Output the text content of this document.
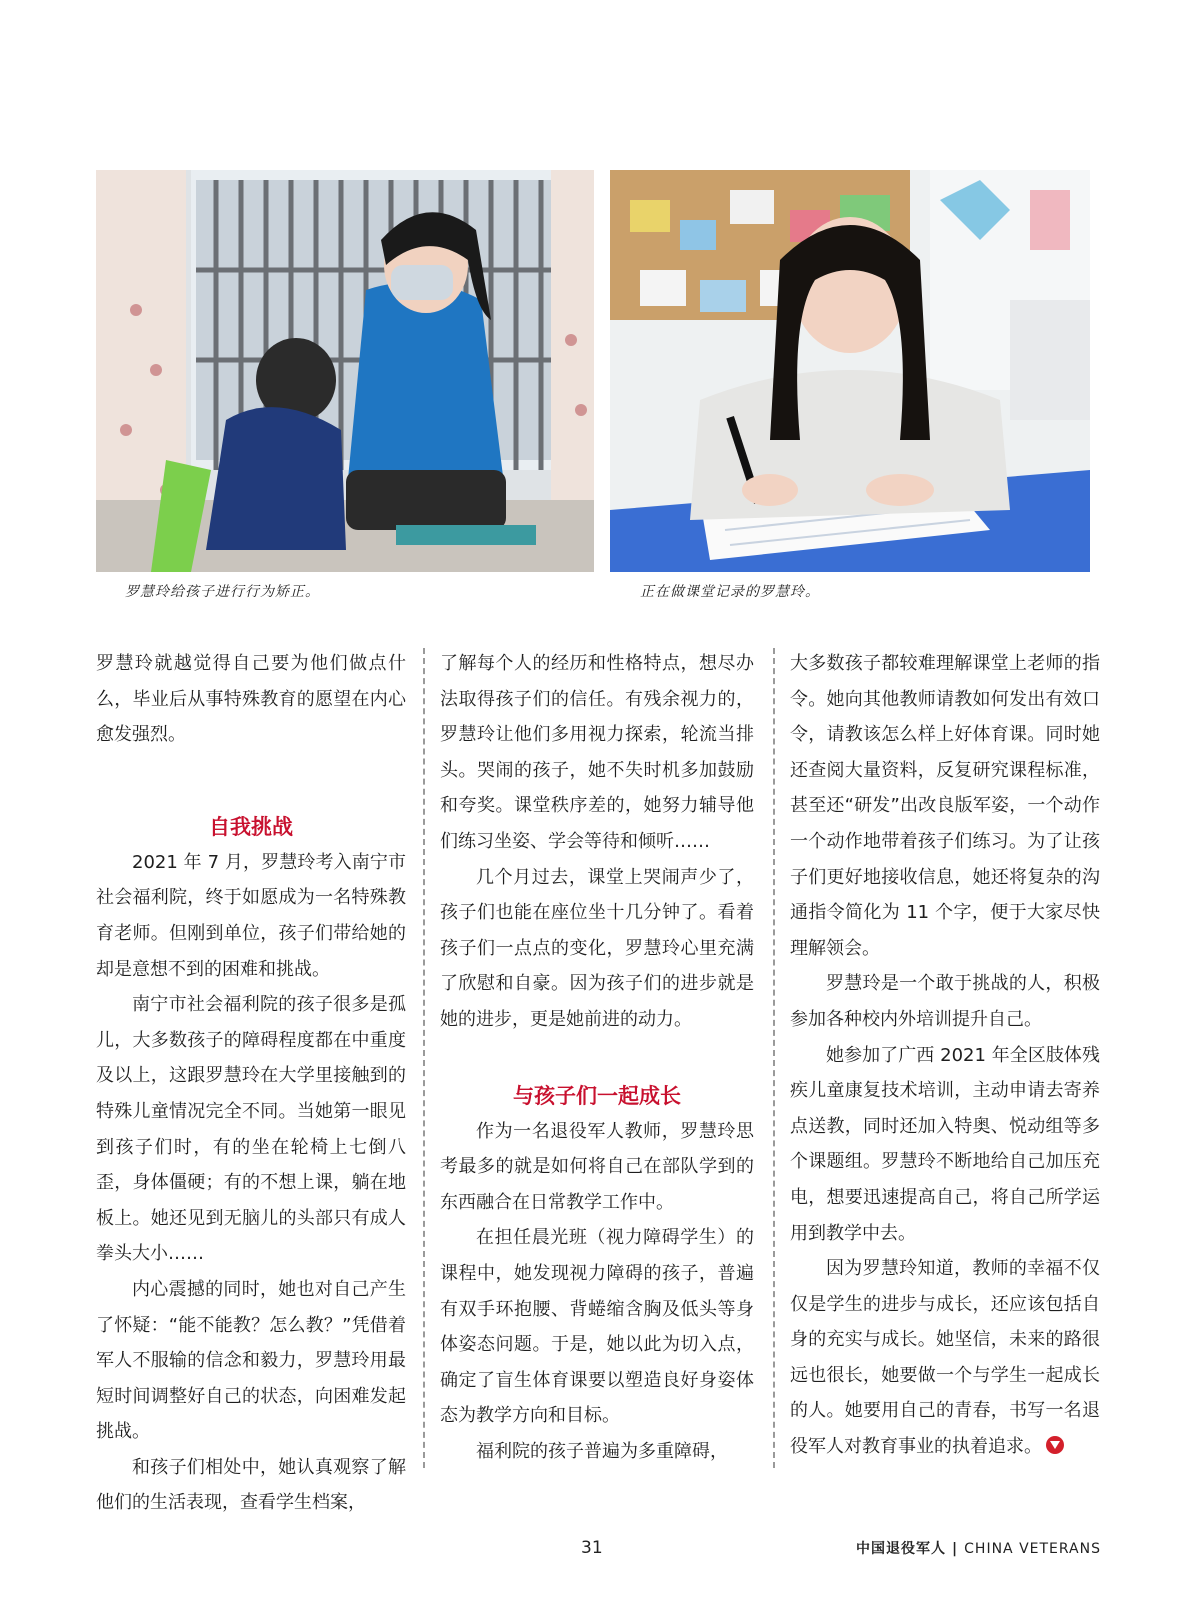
罗慧玲给孩子进行行为矫正。	正在做课堂记录的罗慧玲。

罗慧玲就越觉得自己要为他们做点什么，毕业后从事特殊教育的愿望在内心愈发强烈。

自我挑战

2021 年 7 月，罗慧玲考入南宁市社会福利院，终于如愿成为一名特殊教育老师。但刚到单位，孩子们带给她的却是意想不到的困难和挑战。

南宁市社会福利院的孩子很多是孤儿，大多数孩子的障碍程度都在中重度及以上，这跟罗慧玲在大学里接触到的特殊儿童情况完全不同。当她第一眼见到孩子们时，有的坐在轮椅上七倒八歪，身体僵硬；有的不想上课，躺在地板上。她还见到无脑儿的头部只有成人拳头大小……

内心震撼的同时，她也对自己产生了怀疑：“能不能教？怎么教？”凭借着军人不服输的信念和毅力，罗慧玲用最短时间调整好自己的状态，向困难发起挑战。

和孩子们相处中，她认真观察了解他们的生活表现，查看学生档案，

了解每个人的经历和性格特点，想尽办法取得孩子们的信任。有残余视力的，罗慧玲让他们多用视力探索，轮流当排头。哭闹的孩子，她不失时机多加鼓励和夸奖。课堂秩序差的，她努力辅导他们练习坐姿、学会等待和倾听……

几个月过去，课堂上哭闹声少了，孩子们也能在座位坐十几分钟了。看着孩子们一点点的变化，罗慧玲心里充满了欣慰和自豪。因为孩子们的进步就是她的进步，更是她前进的动力。

与孩子们一起成长

作为一名退役军人教师，罗慧玲思考最多的就是如何将自己在部队学到的东西融合在日常教学工作中。

在担任晨光班（视力障碍学生）的课程中，她发现视力障碍的孩子，普遍有双手环抱腰、背蜷缩含胸及低头等身体姿态问题。于是，她以此为切入点，确定了盲生体育课要以塑造良好身姿体态为教学方向和目标。

福利院的孩子普遍为多重障碍，

大多数孩子都较难理解课堂上老师的指令。她向其他教师请教如何发出有效口令，请教该怎么样上好体育课。同时她还查阅大量资料，反复研究课程标准，甚至还“研发”出改良版军姿，一个动作一个动作地带着孩子们练习。为了让孩子们更好地接收信息，她还将复杂的沟通指令简化为 11 个字，便于大家尽快理解领会。

罗慧玲是一个敢于挑战的人，积极参加各种校内外培训提升自己。

她参加了广西 2021 年全区肢体残疾儿童康复技术培训，主动申请去寄养点送教，同时还加入特奥、悦动组等多个课题组。罗慧玲不断地给自己加压充电，想要迅速提高自己，将自己所学运用到教学中去。

因为罗慧玲知道，教师的幸福不仅仅是学生的进步与成长，还应该包括自身的充实与成长。她坚信，未来的路很远也很长，她要做一个与学生一起成长的人。她要用自己的青春，书写一名退役军人对教育事业的执着追求。

31	中国退役军人 | CHINA VETERANS
